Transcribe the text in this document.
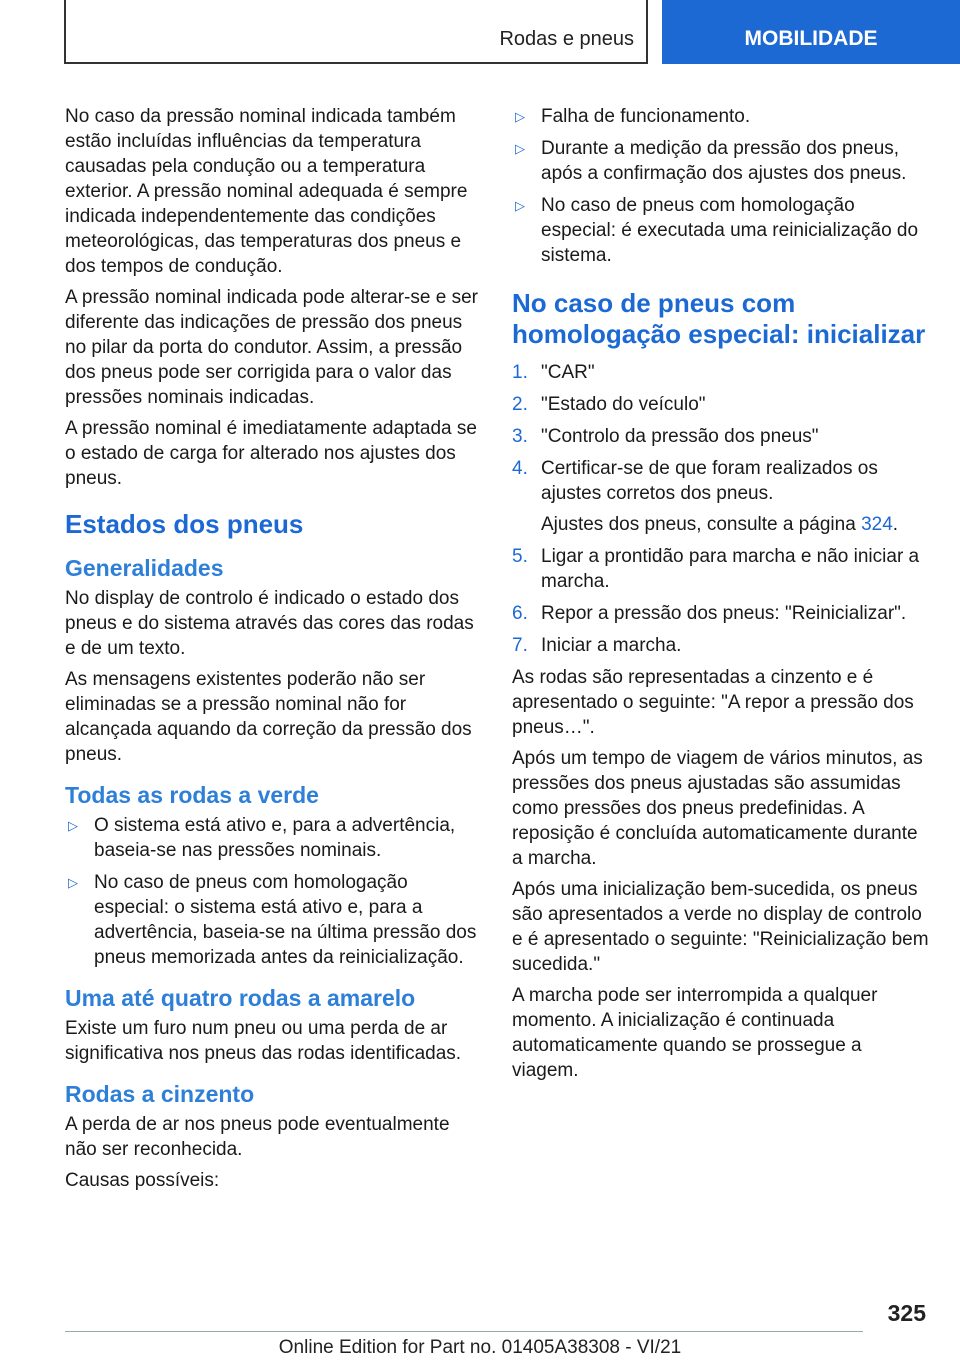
Rodas e pneus	MOBILIDADE

No caso da pressão nominal indicada também estão incluídas influências da temperatura causadas pela condução ou a temperatura exterior. A pressão nominal adequada é sempre indicada independentemente das condições meteorológicas, das temperaturas dos pneus e dos tempos de condução.

A pressão nominal indicada pode alterar-se e ser diferente das indicações de pressão dos pneus no pilar da porta do condutor. Assim, a pressão dos pneus pode ser corrigida para o valor das pressões nominais indicadas.

A pressão nominal é imediatamente adaptada se o estado de carga for alterado nos ajustes dos pneus.

Estados dos pneus
Generalidades

No display de controlo é indicado o estado dos pneus e do sistema através das cores das rodas e de um texto.

As mensagens existentes poderão não ser eliminadas se a pressão nominal não for alcançada aquando da correção da pressão dos pneus.

Todas as rodas a verde
▷ O sistema está ativo e, para a advertência, baseia-se nas pressões nominais.
▷ No caso de pneus com homologação especial: o sistema está ativo e, para a advertência, baseia-se na última pressão dos pneus memorizada antes da reinicialização.
Uma até quatro rodas a amarelo

Existe um furo num pneu ou uma perda de ar significativa nos pneus das rodas identificadas.

Rodas a cinzento

A perda de ar nos pneus pode eventualmente não ser reconhecida.

Causas possíveis:

▷ Falha de funcionamento.
▷ Durante a medição da pressão dos pneus, após a confirmação dos ajustes dos pneus.
▷ No caso de pneus com homologação especial: é executada uma reinicialização do sistema.
No caso de pneus com homologação especial: inicializar
1. "CAR"
2. "Estado do veículo"
3. "Controlo da pressão dos pneus"
4. Certificar-se de que foram realizados os ajustes corretos dos pneus.
Ajustes dos pneus, consulte a página 324.
5. Ligar a prontidão para marcha e não iniciar a marcha.
6. Repor a pressão dos pneus: "Reinicializar".
7. Iniciar a marcha.

As rodas são representadas a cinzento e é apresentado o seguinte: "A repor a pressão dos pneus…".

Após um tempo de viagem de vários minutos, as pressões dos pneus ajustadas são assumidas como pressões dos pneus predefinidas. A reposição é concluída automaticamente durante a marcha.

Após uma inicialização bem-sucedida, os pneus são apresentados a verde no display de controlo e é apresentado o seguinte: "Reinicialização bem sucedida."

A marcha pode ser interrompida a qualquer momento. A inicialização é continuada automaticamente quando se prossegue a viagem.

325
Online Edition for Part no. 01405A38308 - VI/21
